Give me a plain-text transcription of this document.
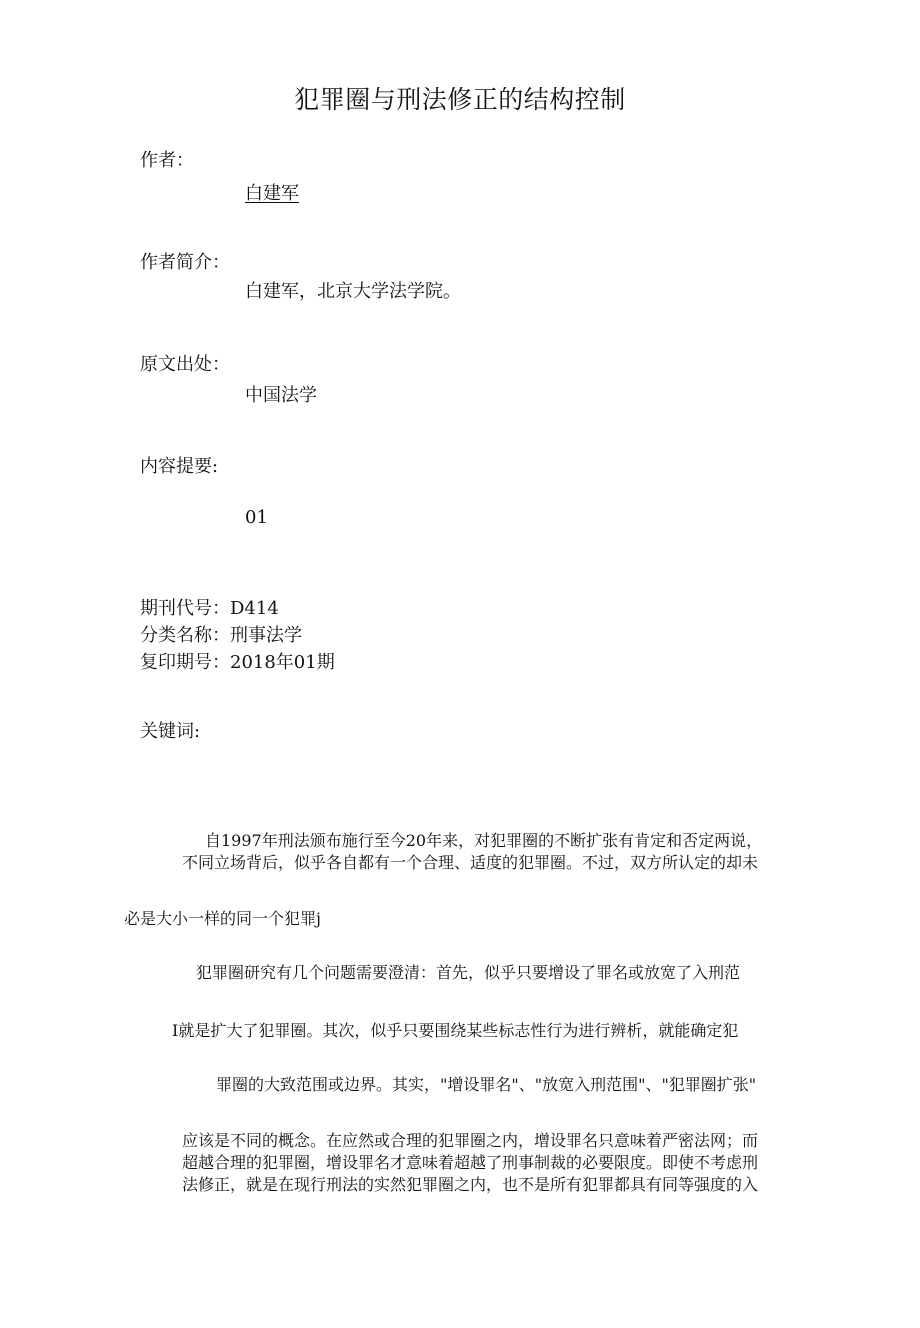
犯罪圈与刑法修正的结构控制
作者：
白建军
作者简介：
白建军，北京大学法学院。
原文出处：
中国法学
内容提要:
01
期刊代号：D414
分类名称：刑事法学
复印期号：2018年01期
关键词:
自1997年刑法颁布施行至今20年来，对犯罪圈的不断扩张有肯定和否定两说，
不同立场背后，似乎各自都有一个合理、适度的犯罪圈。不过，双方所认定的却未
必是大小一样的同一个犯罪j
犯罪圈研究有几个问题需要澄清：首先，似乎只要增设了罪名或放宽了入刑范
I就是扩大了犯罪圈。其次，似乎只要围绕某些标志性行为进行辨析，就能确定犯
罪圈的大致范围或边界。其实，"增设罪名"、"放宽入刑范围"、"犯罪圈扩张"
应该是不同的概念。在应然或合理的犯罪圈之内，增设罪名只意味着严密法网；而
超越合理的犯罪圈，增设罪名才意味着超越了刑事制裁的必要限度。即使不考虑刑
法修正，就是在现行刑法的实然犯罪圈之内，也不是所有犯罪都具有同等强度的入
